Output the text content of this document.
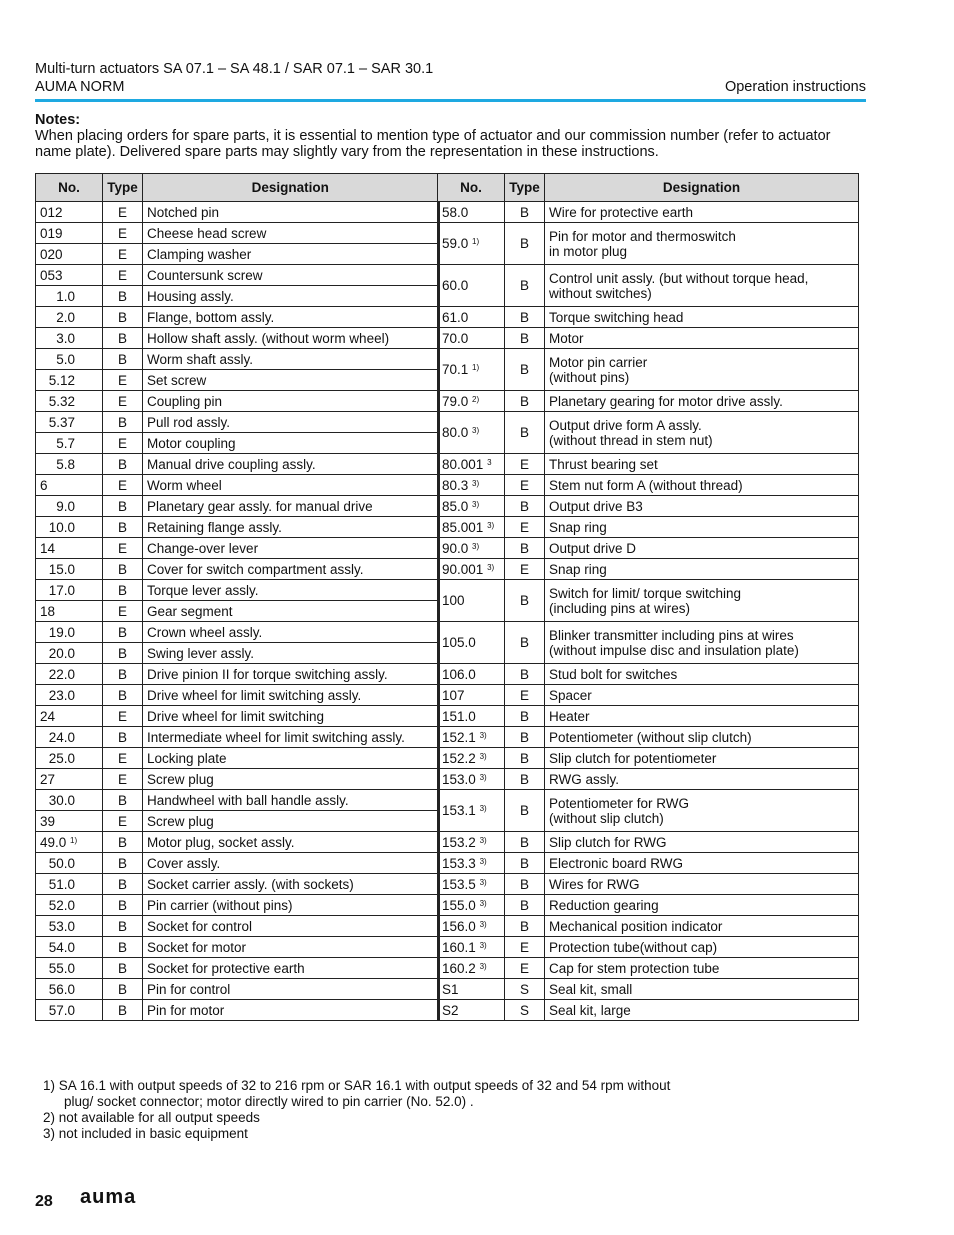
Multi-turn actuators SA 07.1 – SA 48.1 / SAR 07.1 – SAR 30.1
AUMA NORM	Operation instructions
Notes:
When placing orders for spare parts, it is essential to mention type of actuator and our commission number (refer to actuator name plate). Delivered spare parts may slightly vary from the representation in these instructions.
No.	Type	Designation
012	E	Notched pin

019	E	Cheese head screw

020	E	Clamping washer

053	E	Countersunk screw

1.0	B	Housing assly.

2.0	B	Flange, bottom assly.

3.0	B	Hollow shaft assly. (without worm wheel)

5.0	B	Worm shaft assly.

5.12	E	Set screw

5.32	E	Coupling pin

5.37	B	Pull rod assly.

5.7	E	Motor coupling

5.8	B	Manual drive coupling assly.

6	E	Worm wheel

9.0	B	Planetary gear assly. for manual drive

10.0	B	Retaining flange assly.

14	E	Change-over lever

15.0	B	Cover for switch compartment assly.

17.0	B	Torque lever assly.

18	E	Gear segment

19.0	B	Crown wheel assly.

20.0	B	Swing lever assly.

22.0	B	Drive pinion II for torque switching assly.

23.0	B	Drive wheel for limit switching assly.

24	E	Drive wheel for limit switching

24.0	B	Intermediate wheel for limit switching assly.

25.0	E	Locking plate

27	E	Screw plug

30.0	B	Handwheel with ball handle assly.

39	E	Screw plug

49.0 $^{1)}$	B	Motor plug, socket assly.

50.0	B	Cover assly.

51.0	B	Socket carrier assly. (with sockets)

52.0	B	Pin carrier (without pins)

53.0	B	Socket for control

54.0	B	Socket for motor

55.0	B	Socket for protective earth

56.0	B	Pin for control

57.0	B	Pin for motor
No.	Type	Designation
58.0	B	Wire for protective earth

59.0 $^{1)}$	B	Pin for motor and thermoswitch
in motor plug

60.0	B	Control unit assly. (but without torque head,
without switches)

61.0	B	Torque switching head

70.0	B	Motor

70.1 $^{1)}$	B	Motor pin carrier
(without pins)

79.0 $^{2)}$	B	Planetary gearing for motor drive assly.

80.0 $^{3)}$	B	Output drive form A assly.
(without thread in stem nut)

80.001 $^3$	E	Thrust bearing set

80.3 $^{3)}$	E	Stem nut form A (without thread)

85.0 $^{3)}$	B	Output drive B3

85.001 $^{3)}$	E	Snap ring

90.0 $^{3)}$	B	Output drive D

90.001 $^{3)}$	E	Snap ring

100	B	Switch for limit/ torque switching
(including pins at wires)

105.0	B	Blinker transmitter including pins at wires
(without impulse disc and insulation plate)

106.0	B	Stud bolt for switches

107	E	Spacer

151.0	B	Heater

152.1 $^{3)}$	B	Potentiometer (without slip clutch)

152.2 $^{3)}$	B	Slip clutch for potentiometer

153.0 $^{3)}$	B	RWG assly.

153.1 $^{3)}$	B	Potentiometer for RWG
(without slip clutch)

153.2 $^{3)}$	B	Slip clutch for RWG

153.3 $^{3)}$	B	Electronic board RWG

153.5 $^{3)}$	B	Wires for RWG

155.0 $^{3)}$	B	Reduction gearing

156.0 $^{3)}$	B	Mechanical position indicator

160.1 $^{3)}$	E	Protection tube(without cap)

160.2 $^{3)}$	E	Cap for stem protection tube

S1	S	Seal kit, small

S2	S	Seal kit, large
1) SA 16.1 with output speeds of 32 to 216 rpm or SAR 16.1 with output speeds of 32 and 54 rpm without
plug/ socket connector; motor directly wired to pin carrier (No. 52.0) .
2) not available for all output speeds
3) not included in basic equipment
28 auma
